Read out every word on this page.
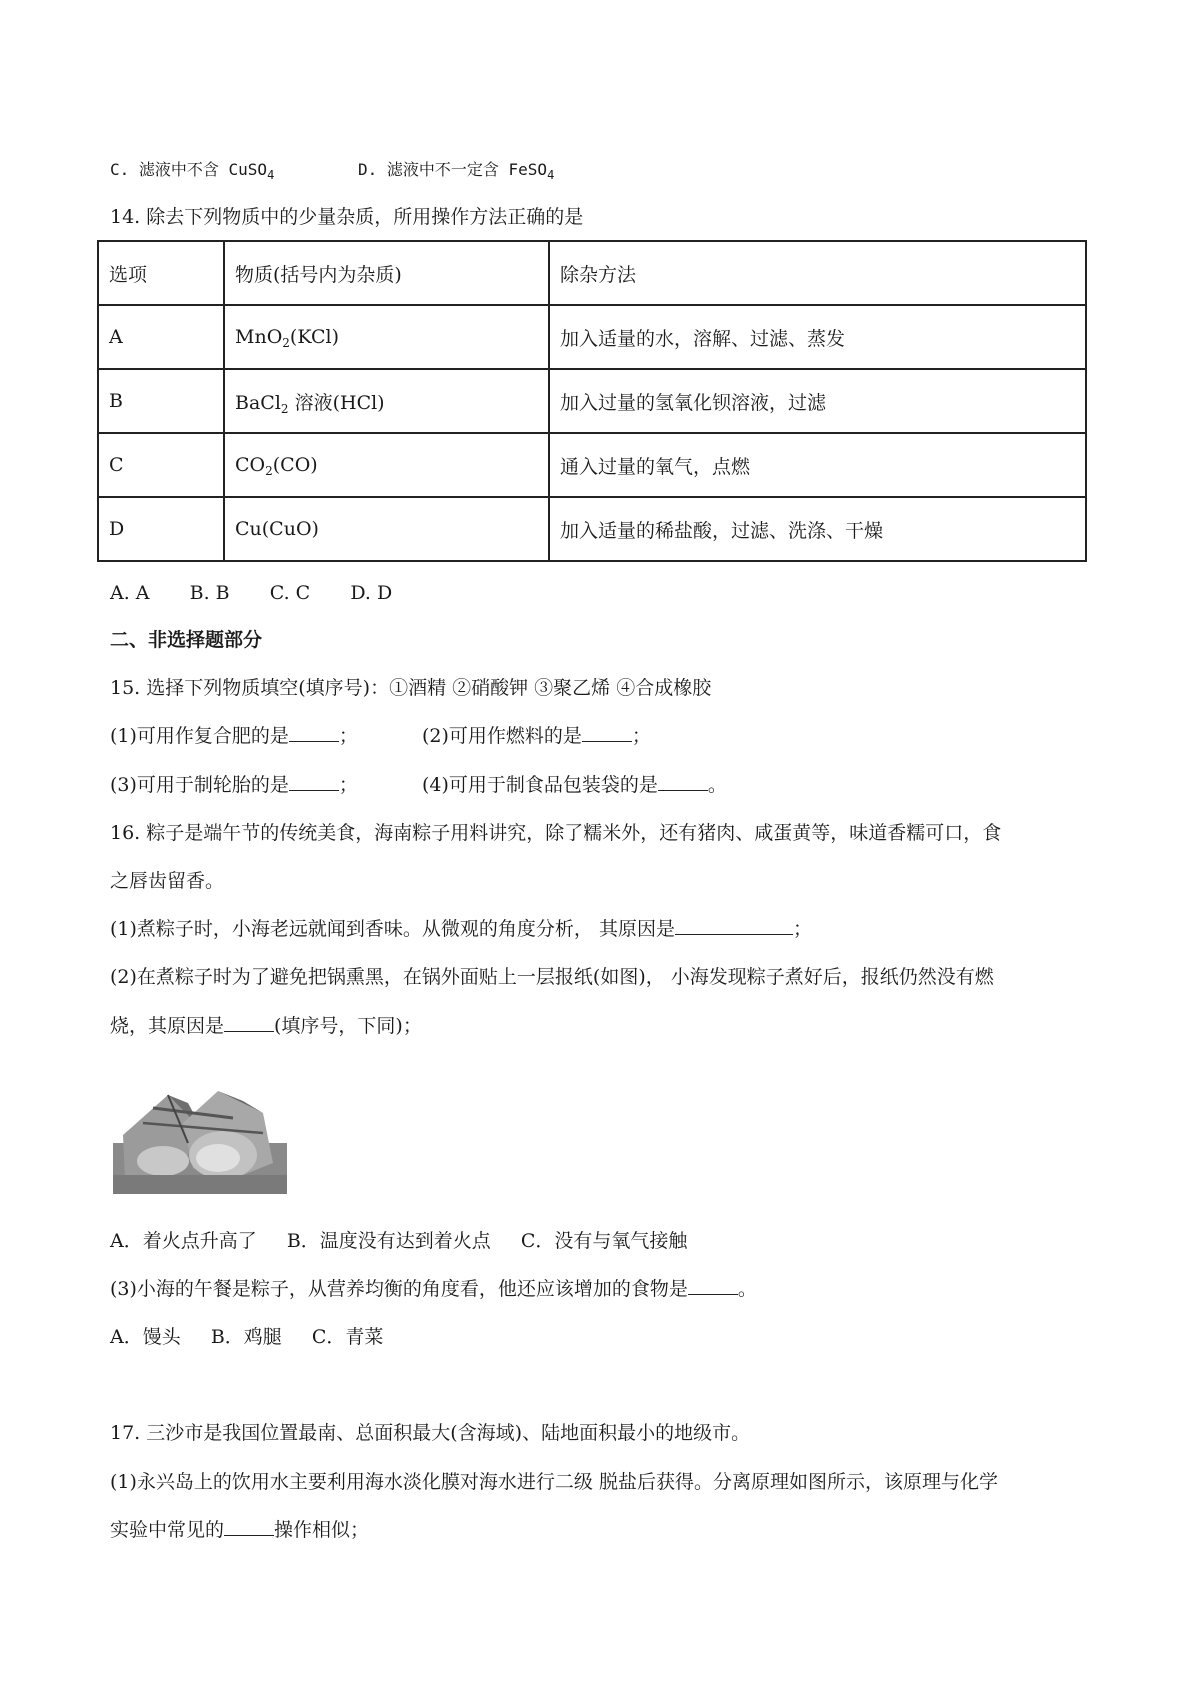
C. 滤液中不含 CuSO$_4$	D. 滤液中不一定含 FeSO$_4$
14. 除去下列物质中的少量杂质，所用操作方法正确的是
选项	物质(括号内为杂质)	除杂方法
A	MnO$_2$(KCl)	加入适量的水，溶解、过滤、蒸发
B	BaCl$_2$ 溶液(HCl)	加入过量的氢氧化钡溶液，过滤
C	$CO_2(CO)$	通入过量的氧气，点燃
D	Cu(CuO)	加入适量的稀盐酸，过滤、洗涤、干燥
A. A B. B C. C D. D
二、非选择题部分
15. 选择下列物质填空(填序号)：①酒精 ②硝酸钾 ③聚乙烯 ④合成橡胶
(1)可用作复合肥的是	；	(2)可用作燃料的是	；
(3)可用于制轮胎的是	；	(4)可用于制食品包装袋的是	。
16. 粽子是端午节的传统美食，海南粽子用料讲究，除了糯米外，还有猪肉、咸蛋黄等，味道香糯可口，食
之唇齿留香。
(1)煮粽子时，小海老远就闻到香味。从微观的角度分析， 其原因是	；
(2)在煮粽子时为了避免把锅熏黑，在锅外面贴上一层报纸(如图)， 小海发现粽子煮好后，报纸仍然没有燃
烧，其原因是	(填序号，下同)；
A．着火点升高了 B．温度没有达到着火点 C．没有与氧气接触
(3)小海的午餐是粽子，从营养均衡的角度看，他还应该增加的食物是	。
A．馒头 B．鸡腿 C．青菜
17. 三沙市是我国位置最南、总面积最大(含海域)、陆地面积最小的地级市。
(1)永兴岛上的饮用水主要利用海水淡化膜对海水进行二级 脱盐后获得。分离原理如图所示，该原理与化学
实验中常见的	操作相似；
